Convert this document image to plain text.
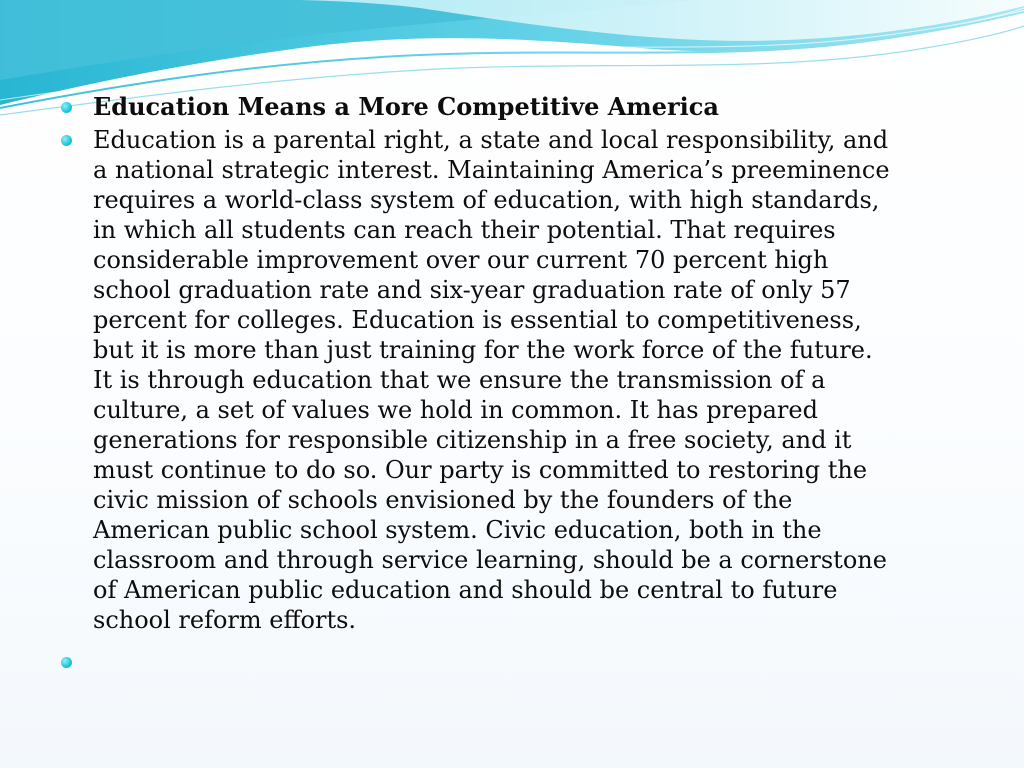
Education Means a More Competitive America
Education is a parental right, a state and local responsibility, and
a national strategic interest. Maintaining America’s preeminence
requires a world-class system of education, with high standards,
in which all students can reach their potential. That requires
considerable improvement over our current 70 percent high
school graduation rate and six-year graduation rate of only 57
percent for colleges. Education is essential to competitiveness,
but it is more than just training for the work force of the future.
It is through education that we ensure the transmission of a
culture, a set of values we hold in common. It has prepared
generations for responsible citizenship in a free society, and it
must continue to do so. Our party is committed to restoring the
civic mission of schools envisioned by the founders of the
American public school system. Civic education, both in the
classroom and through service learning, should be a cornerstone
of American public education and should be central to future
school reform efforts.
